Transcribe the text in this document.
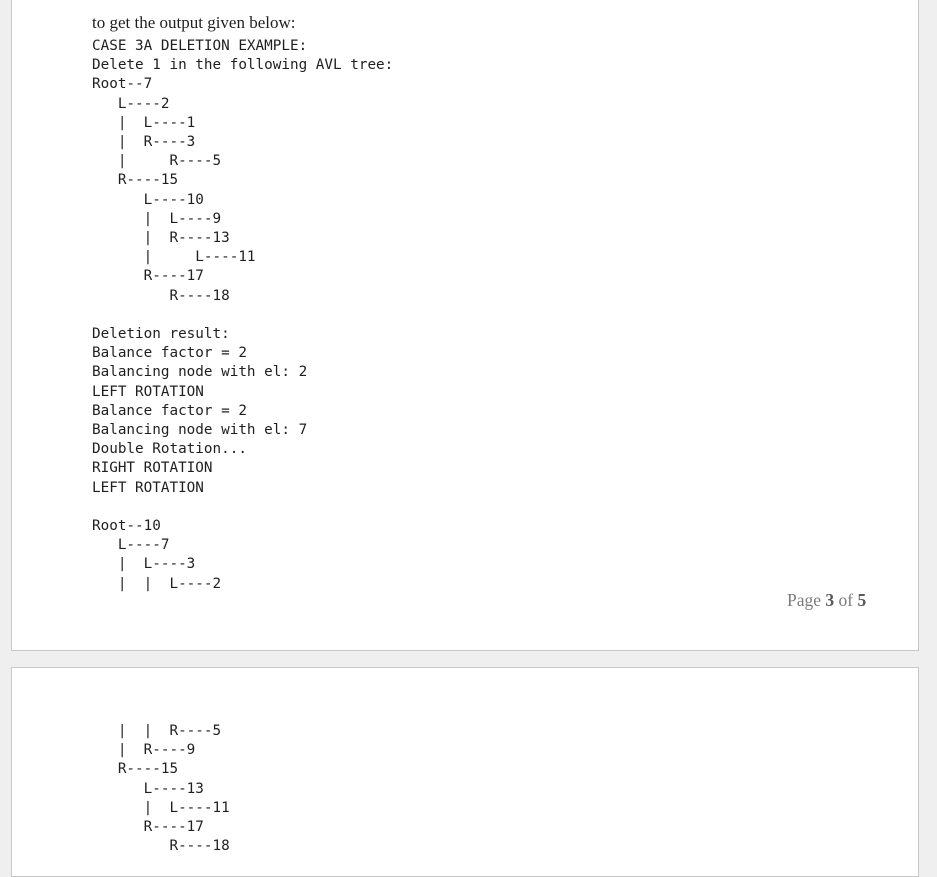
to get the output given below:

CASE 3A DELETION EXAMPLE:
Delete 1 in the following AVL tree:
Root--7
L----2
|  L----1
|  R----3
|     R----5
R----15
L----10
|  L----9
|  R----13
|     L----11
R----17
R----18

Deletion result:
Balance factor = 2
Balancing node with el: 2
LEFT ROTATION
Balance factor = 2
Balancing node with el: 7
Double Rotation...
RIGHT ROTATION
LEFT ROTATION

Root--10
L----7
|  L----3
|  |  L----2
Page 3 of 5
|  |  R----5
|  R----9
R----15
L----13
|  L----11
R----17
R----18
